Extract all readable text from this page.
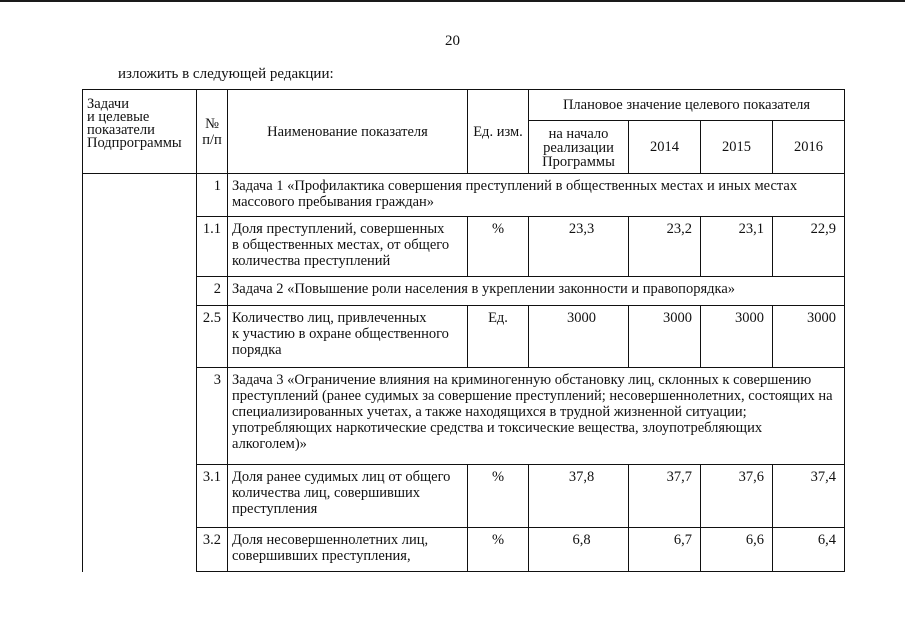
20
изложить в следующей редакции:
Задачи
и целевые
показатели
Подпрограммы	№
п/п	Наименование показателя	Ед. изм.	Плановое значение целевого показателя			
				на начало
реализации
Программы	2014	2015	2016
	1	Задача 1 «Профилактика совершения преступлений в общественных местах и иных местах массового пребывания граждан»					
	1.1	Доля преступлений, совершенных
в общественных местах, от общего
количества преступлений	%	23,3	23,2	23,1	22,9
	2	Задача 2 «Повышение роли населения в укреплении законности и правопорядка»					
	2.5	Количество лиц, привлеченных
к участию в охране общественного
порядка	Ед.	3000	3000	3000	3000
	3	Задача 3 «Ограничение влияния на криминогенную обстановку лиц, склонных к совершению преступлений (ранее судимых за совершение преступлений; несовершеннолетних, состоящих на специализированных учетах, а также находящихся в трудной жизненной ситуации; употребляющих наркотические средства и токсические вещества, злоупотребляющих алкоголем)»					
	3.1	Доля ранее судимых лиц от общего
количества лиц, совершивших
преступления	%	37,8	37,7	37,6	37,4
	3.2	Доля несовершеннолетних лиц,
совершивших преступления,	%	6,8	6,7	6,6	6,4
